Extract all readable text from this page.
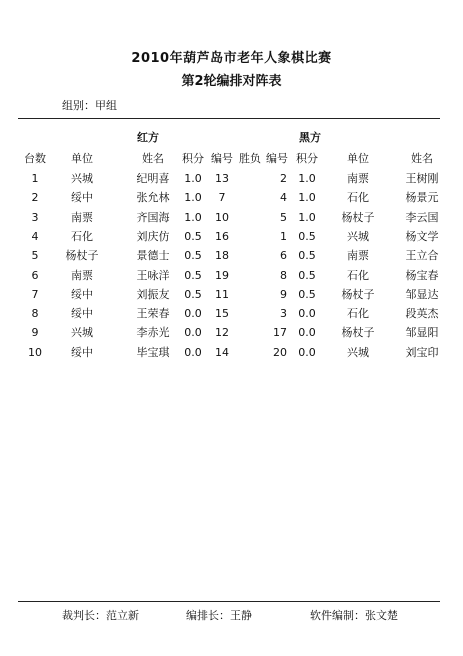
2010年葫芦岛市老年人象棋比赛
第2轮编排对阵表
组别：甲组
红方	黑方
台数	单位	姓名	积分 编号 胜负 编号 积分	单位	姓名
1	兴城	纪明喜	1.0	13	2	1.0	南票	王树刚
2	绥中	张允林	1.0	7	4	1.0	石化	杨景元
3	南票	齐国海	1.0	10	5	1.0	杨杖子	李云国
4	石化	刘庆仿	0.5	16	1	0.5	兴城	杨文学
5	杨杖子	景德士	0.5	18	6	0.5	南票	王立合
6	南票	王咏洋	0.5	19	8	0.5	石化	杨宝春
7	绥中	刘振友	0.5	11	9	0.5	杨杖子	邹显达
8	绥中	王荣春	0.0	15	3	0.0	石化	段英杰
9	兴城	李赤光	0.0	12	17	0.0	杨杖子	邹显阳
10	绥中	毕宝琪	0.0	14	20	0.0	兴城	刘宝印
裁判长：范立新	编排长：王静	软件编制：张文楚
